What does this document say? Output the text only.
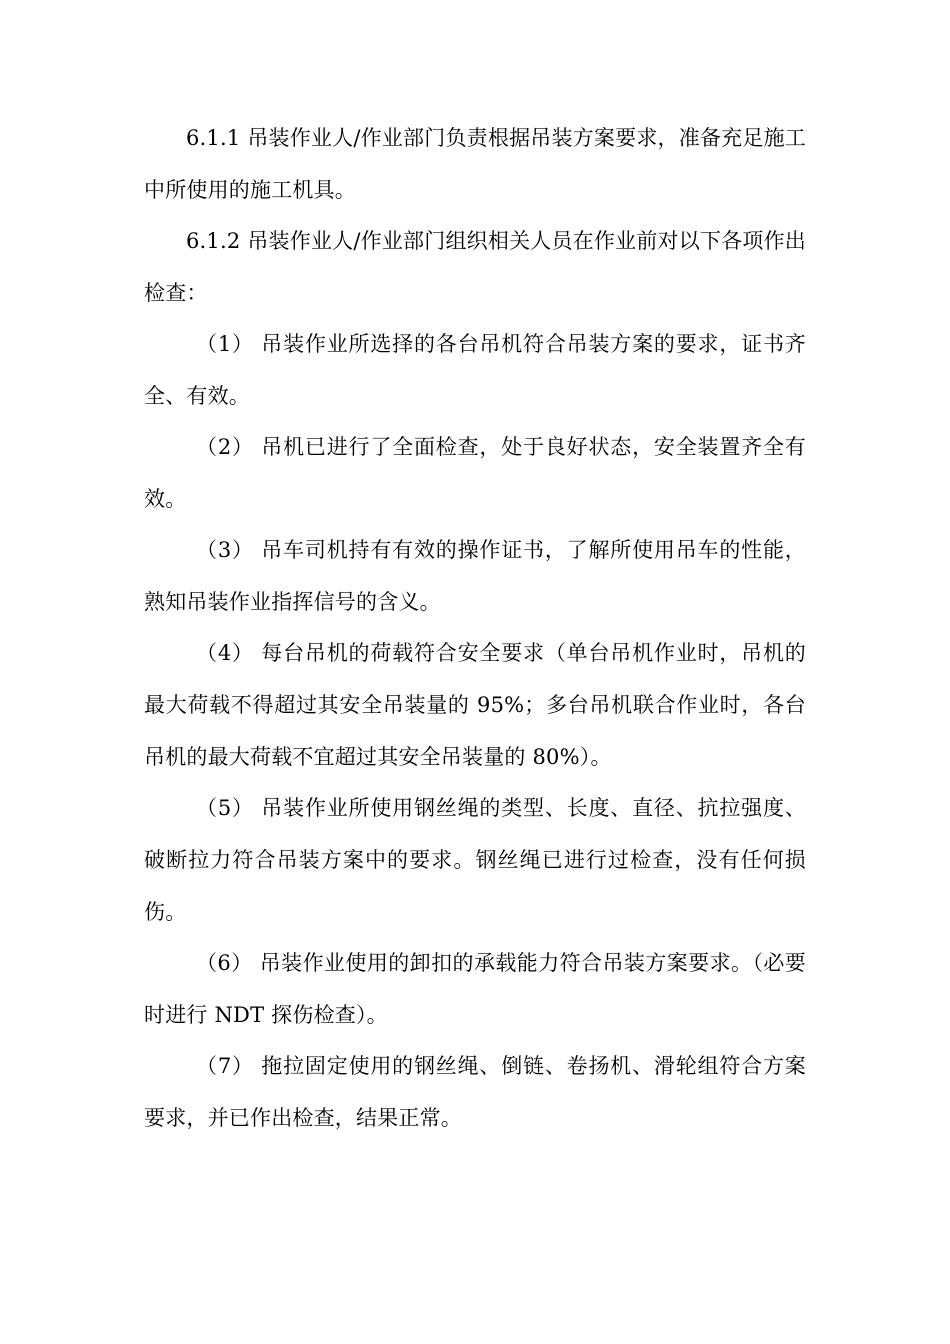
6.1.1 吊装作业人/作业部门负责根据吊装方案要求，准备充足施工中所使用的施工机具。

6.1.2 吊装作业人/作业部门组织相关人员在作业前对以下各项作出检查：

（1） 吊装作业所选择的各台吊机符合吊装方案的要求，证书齐全、有效。

（2） 吊机已进行了全面检查，处于良好状态，安全装置齐全有效。

（3） 吊车司机持有有效的操作证书，了解所使用吊车的性能，熟知吊装作业指挥信号的含义。

（4） 每台吊机的荷载符合安全要求（单台吊机作业时，吊机的最大荷载不得超过其安全吊装量的 95%；多台吊机联合作业时，各台吊机的最大荷载不宜超过其安全吊装量的 80%）。

（5） 吊装作业所使用钢丝绳的类型、长度、直径、抗拉强度、破断拉力符合吊装方案中的要求。钢丝绳已进行过检查，没有任何损伤。

（6） 吊装作业使用的卸扣的承载能力符合吊装方案要求。（必要时进行 NDT 探伤检查）。

（7） 拖拉固定使用的钢丝绳、倒链、卷扬机、滑轮组符合方案要求，并已作出检查，结果正常。
